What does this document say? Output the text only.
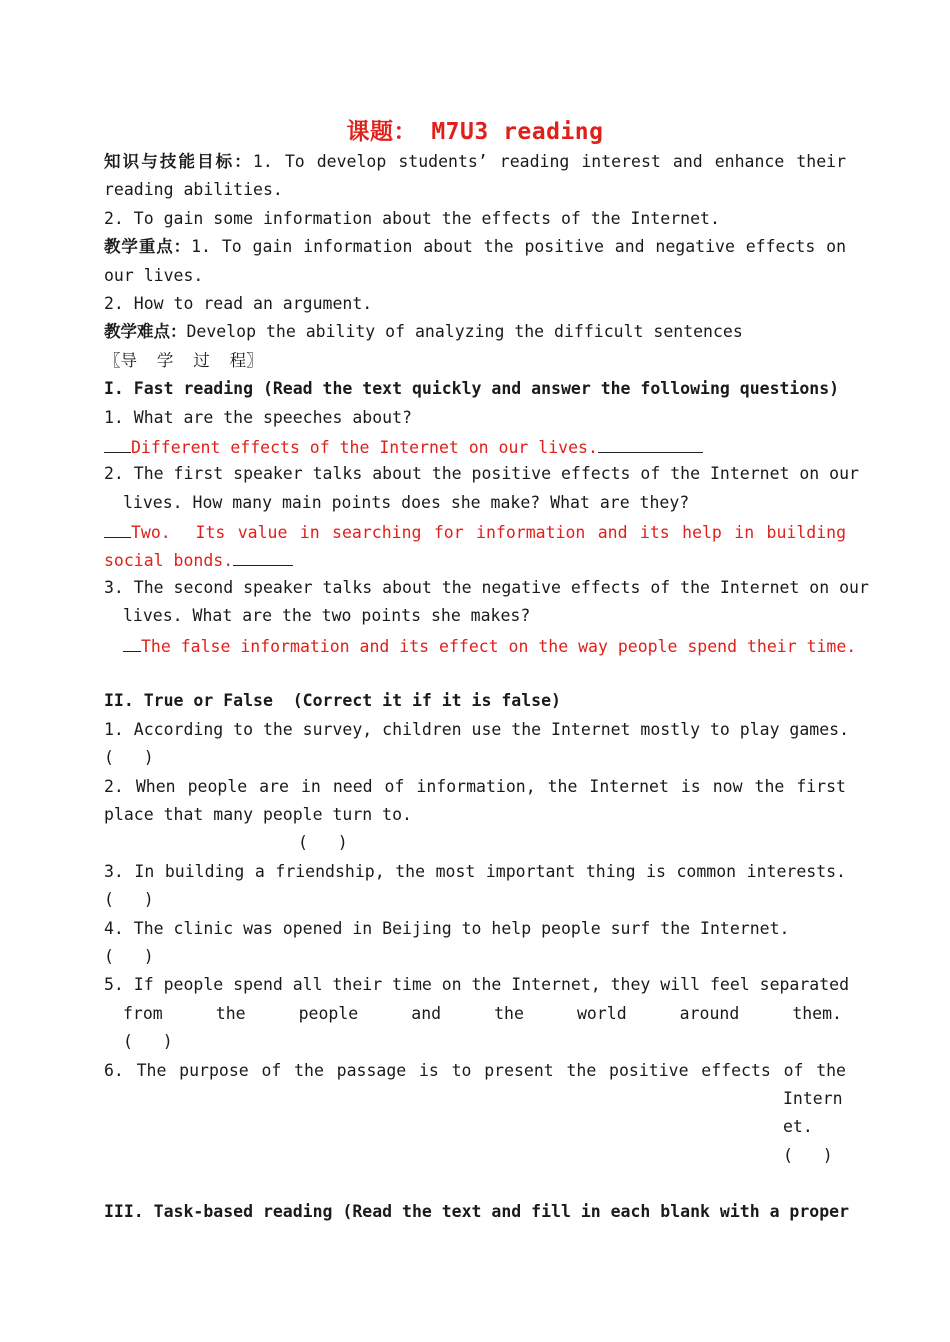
课题： M7U3 reading
知识与技能目标：1. To develop students’ reading interest and enhance their
reading abilities.
2. To gain some information about the effects of the Internet.
教学重点：1. To gain information about the positive and negative effects on
our lives.
2. How to read an argument.
教学难点：Develop the ability of analyzing the difficult sentences
〖导  学  过  程〗
I. Fast reading (Read the text quickly and answer the following questions)
1. What are the speeches about?
Different effects of the Internet on our lives.
2. The first speaker talks about the positive effects of the Internet on our
lives. How many main points does she make? What are they?
Two.  Its value in searching for information and its help in building
social bonds.
3. The second speaker talks about the negative effects of the Internet on our
lives. What are the two points she makes?
The false information and its effect on the way people spend their time.
II. True or False  (Correct it if it is false)
1. According to the survey, children use the Internet mostly to play games.
(   )
2. When people are in need of information, the Internet is now the first
place that many people turn to.
(   )
3. In building a friendship, the most important thing is common interests.
(   )
4. The clinic was opened in Beijing to help people surf the Internet.
(   )
5. If people spend all their time on the Internet, they will feel separated
from the people and the world around them.
(   )
6. The purpose of the passage is to present the positive effects of the
Intern
et.
(   )
III. Task-based reading (Read the text and fill in each blank with a proper
